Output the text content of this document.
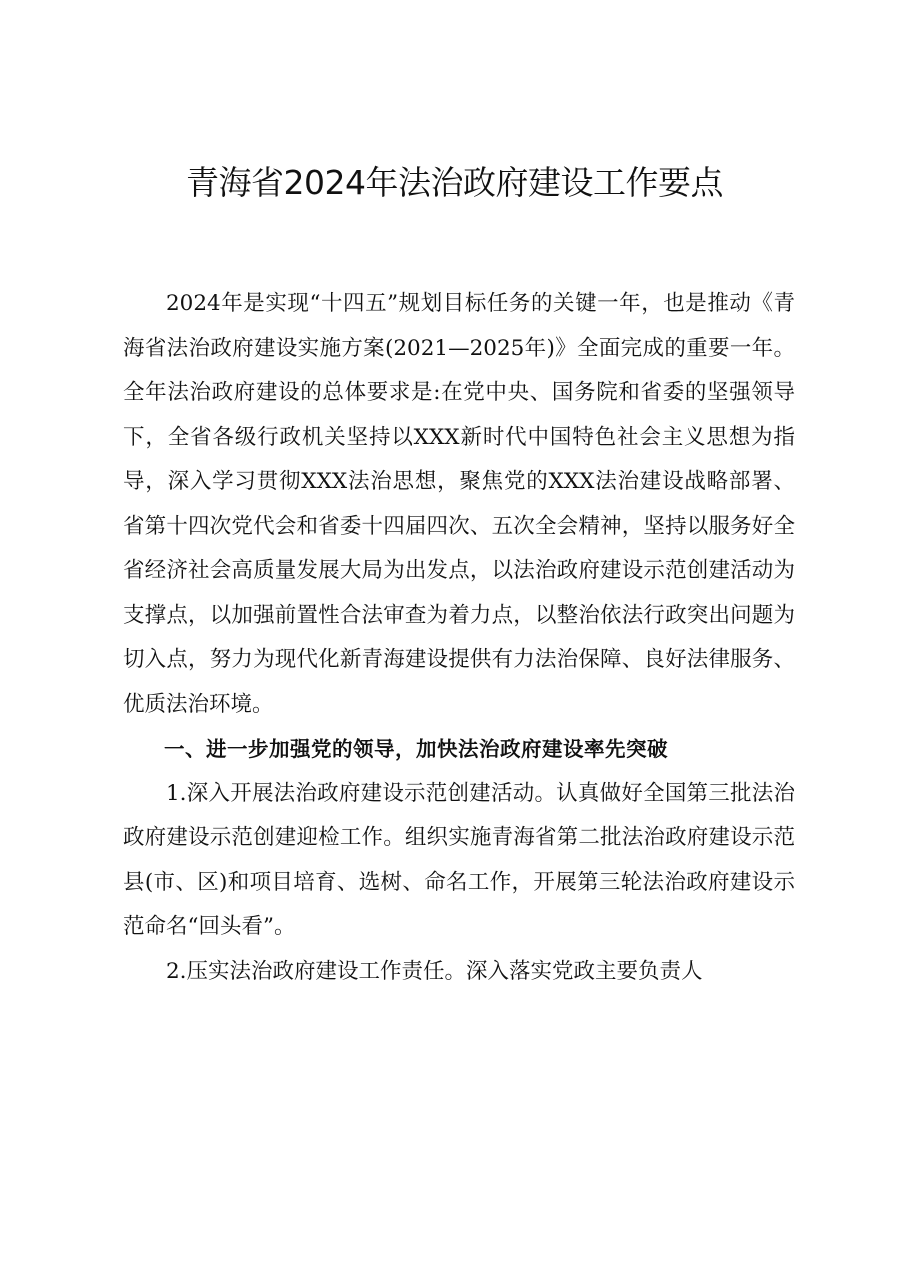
青海省2024年法治政府建设工作要点

2024年是实现“十四五”规划目标任务的关键一年，也是推动《青海省法治政府建设实施方案(2021—2025年)》全面完成的重要一年。全年法治政府建设的总体要求是:在党中央、国务院和省委的坚强领导下，全省各级行政机关坚持以XXX新时代中国特色社会主义思想为指导，深入学习贯彻XXX法治思想，聚焦党的XXX法治建设战略部署、省第十四次党代会和省委十四届四次、五次全会精神，坚持以服务好全省经济社会高质量发展大局为出发点，以法治政府建设示范创建活动为支撑点，以加强前置性合法审查为着力点，以整治依法行政突出问题为切入点，努力为现代化新青海建设提供有力法治保障、良好法律服务、优质法治环境。

一、进一步加强党的领导，加快法治政府建设率先突破

1.深入开展法治政府建设示范创建活动。认真做好全国第三批法治政府建设示范创建迎检工作。组织实施青海省第二批法治政府建设示范县(市、区)和项目培育、选树、命名工作，开展第三轮法治政府建设示范命名“回头看”。

2.压实法治政府建设工作责任。深入落实党政主要负责人
